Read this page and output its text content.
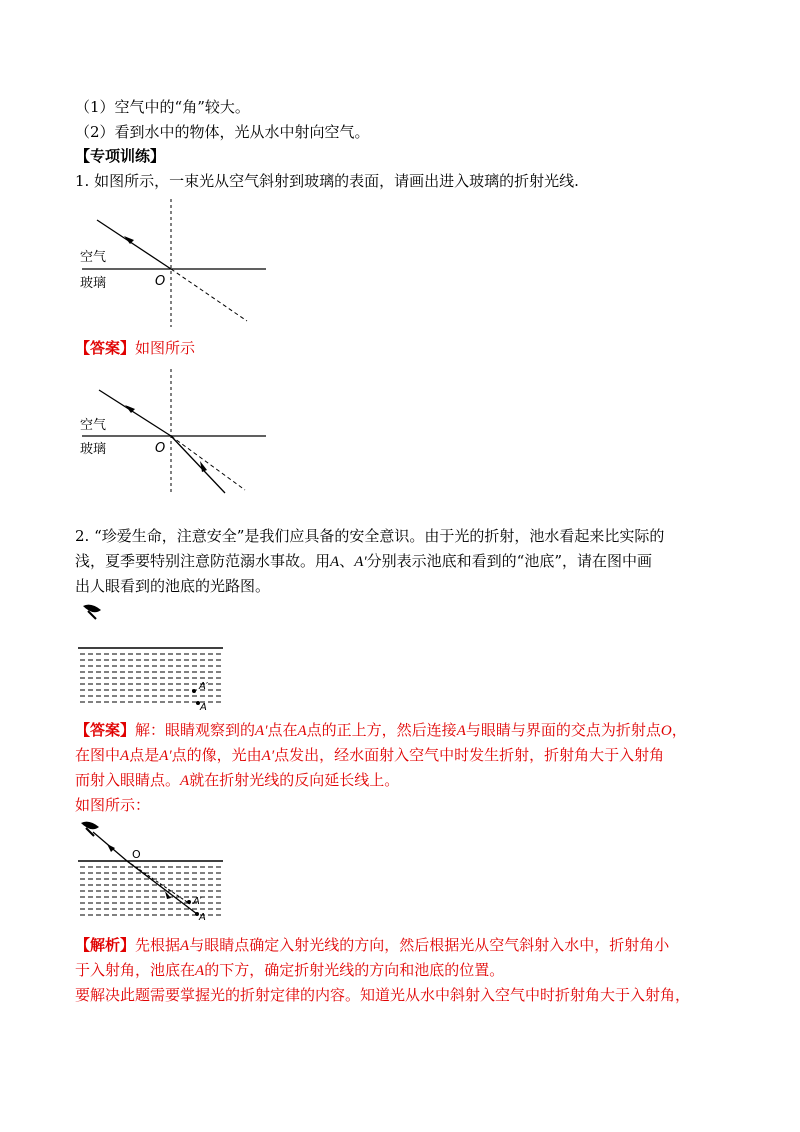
（1）空气中的“角”较大。
（2）看到水中的物体，光从水中射向空气。
【专项训练】
1. 如图所示，一束光从空气斜射到玻璃的表面，请画出进入玻璃的折射光线.
空气
玻璃	O
【答案】如图所示
空气
玻璃	O
2. “珍爱生命，注意安全”是我们应具备的安全意识。由于光的折射，池水看起来比实际的
浅，夏季要特别注意防范溺水事故。用A、A′分别表示池底和看到的“池底”，请在图中画
出人眼看到的池底的光路图。
A′
A
【答案】解：眼睛观察到的A′点在A点的正上方，然后连接A与眼睛与界面的交点为折射点O，
在图中A点是A′点的像，光由A′点发出，经水面射入空气中时发生折射，折射角大于入射角
而射入眼睛点。A就在折射光线的反向延长线上。
如图所示：
O
A′
A
【解析】先根据A与眼睛点确定入射光线的方向，然后根据光从空气斜射入水中，折射角小
于入射角，池底在A的下方，确定折射光线的方向和池底的位置。
要解决此题需要掌握光的折射定律的内容。知道光从水中斜射入空气中时折射角大于入射角，
